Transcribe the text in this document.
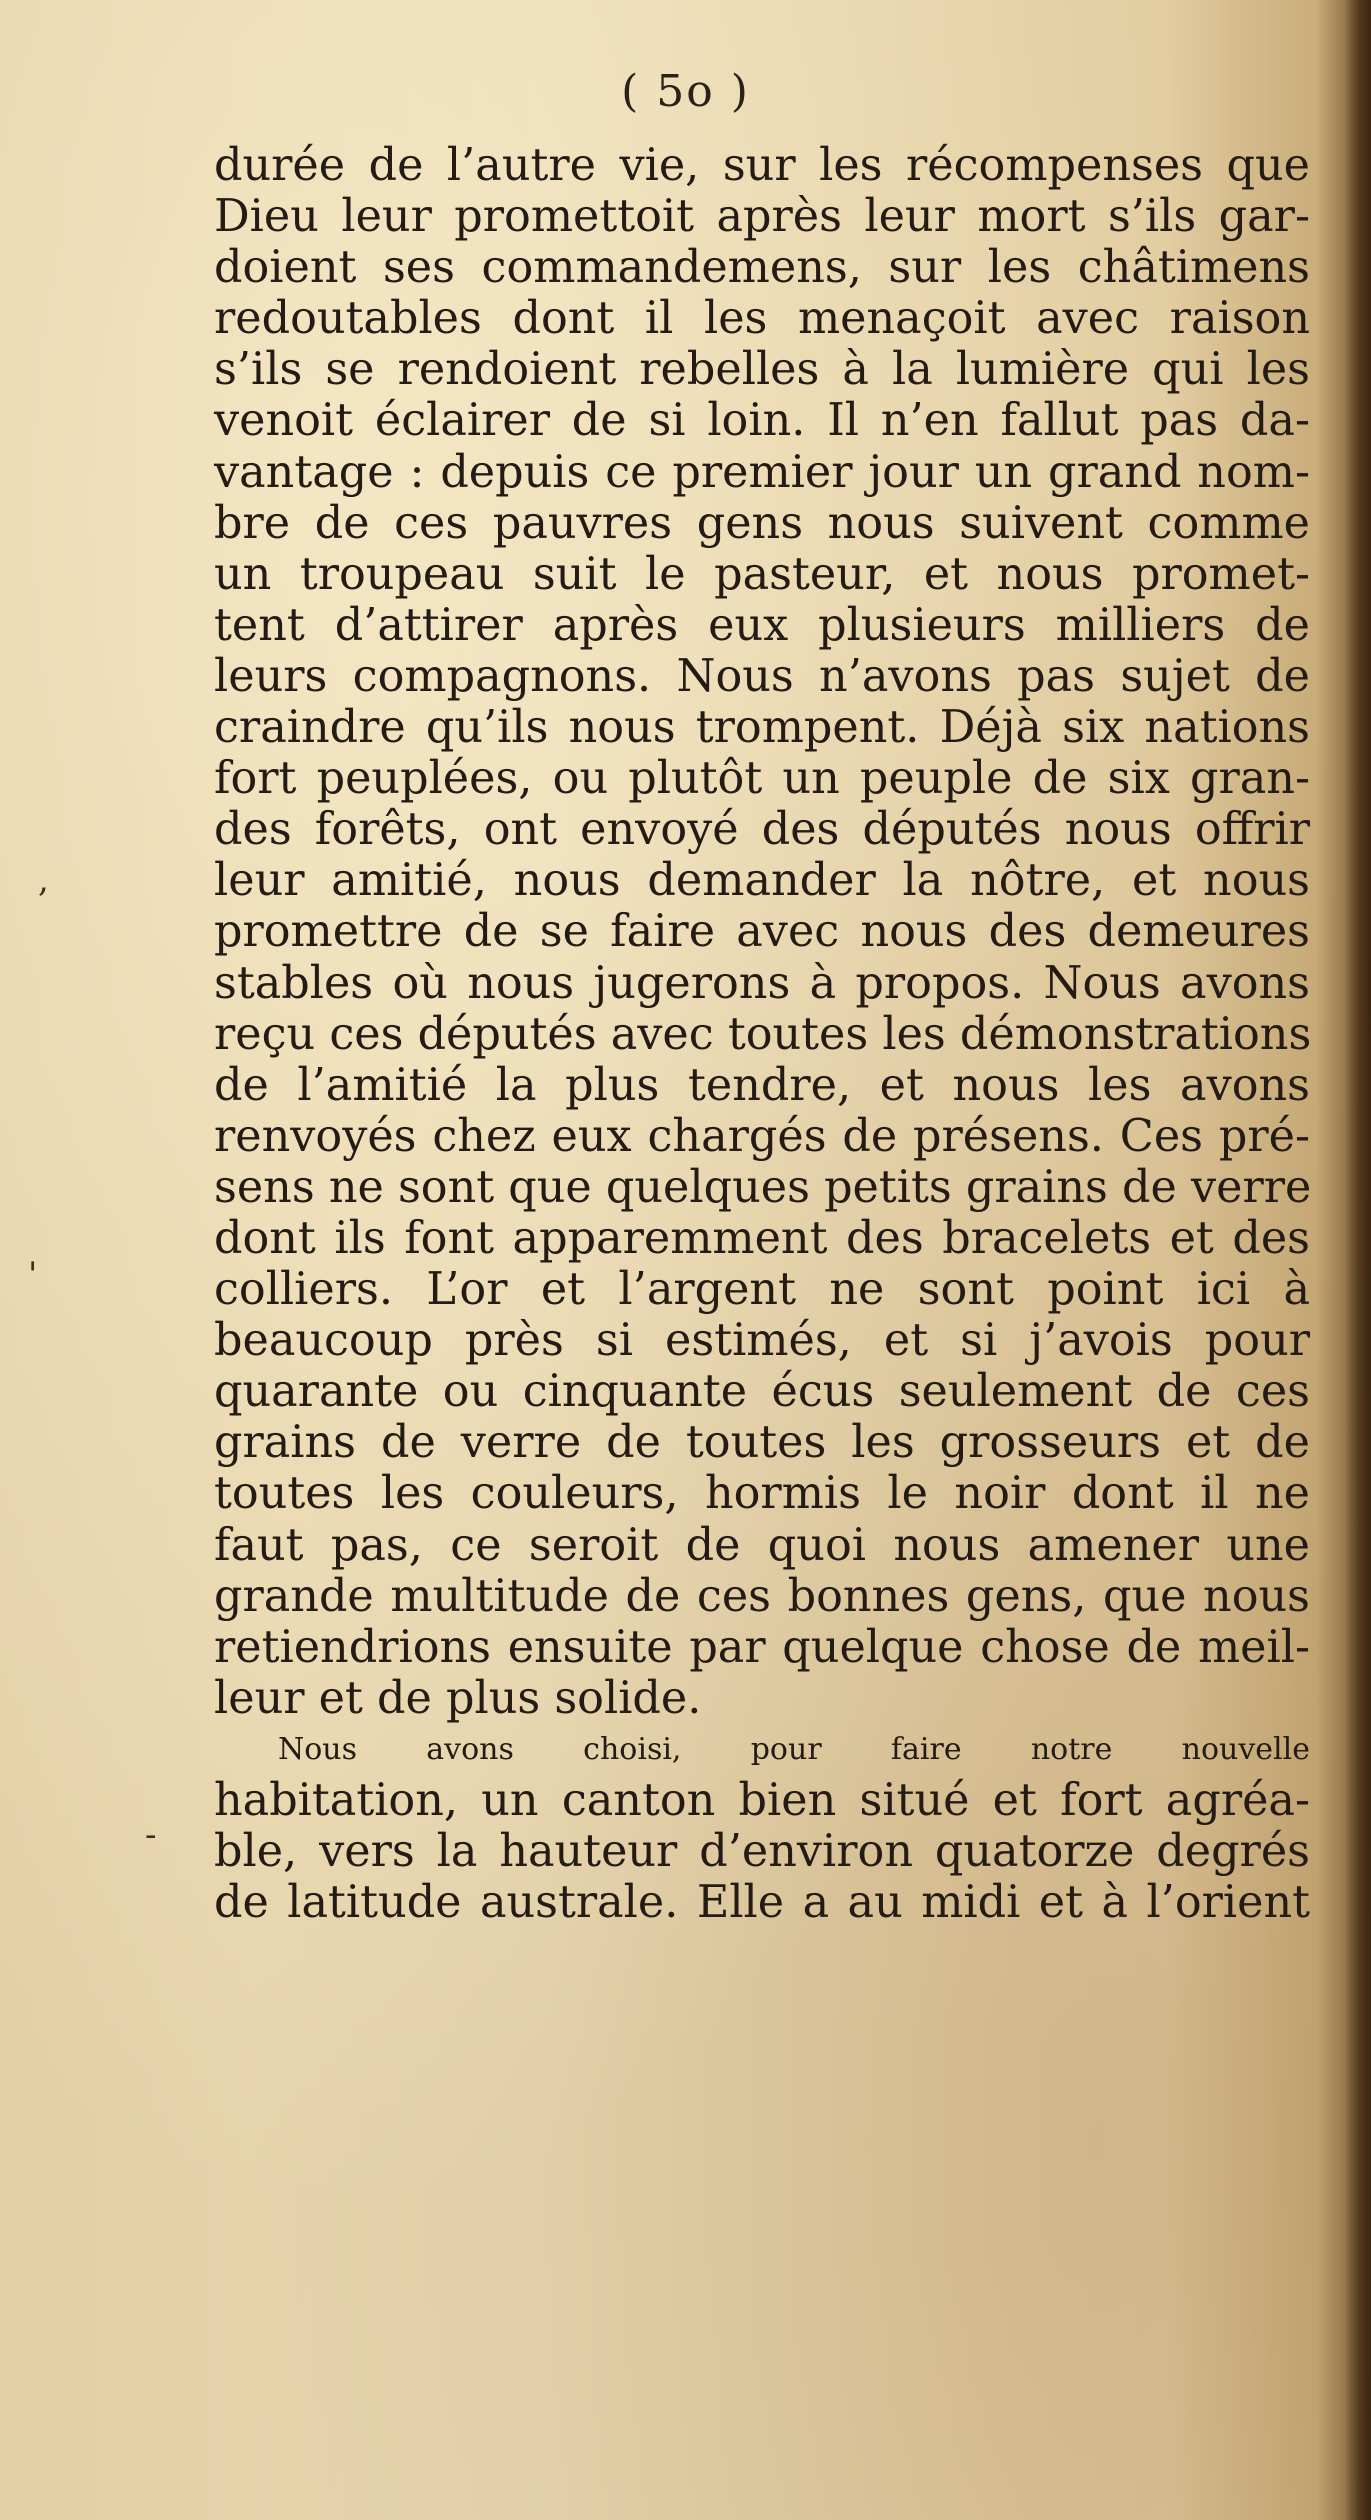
( 5o )
durée de l’autre vie, sur les récompenses que
Dieu leur promettoit après leur mort s’ils gar-
doient ses commandemens, sur les châtimens
redoutables dont il les menaçoit avec raison
s’ils se rendoient rebelles à la lumière qui les
venoit éclairer de si loin. Il n’en fallut pas da-
vantage : depuis ce premier jour un grand nom-
bre de ces pauvres gens nous suivent comme
un troupeau suit le pasteur, et nous promet-
tent d’attirer après eux plusieurs milliers de
leurs compagnons. Nous n’avons pas sujet de
craindre qu’ils nous trompent. Déjà six nations
fort peuplées, ou plutôt un peuple de six gran-
des forêts, ont envoyé des députés nous offrir
leur amitié, nous demander la nôtre, et nous
promettre de se faire avec nous des demeures
stables où nous jugerons à propos. Nous avons
reçu ces députés avec toutes les démonstrations
de l’amitié la plus tendre, et nous les avons
renvoyés chez eux chargés de présens. Ces pré-
sens ne sont que quelques petits grains de verre
dont ils font apparemment des bracelets et des
colliers. L’or et l’argent ne sont point ici à
beaucoup près si estimés, et si j’avois pour
quarante ou cinquante écus seulement de ces
grains de verre de toutes les grosseurs et de
toutes les couleurs, hormis le noir dont il ne
faut pas, ce seroit de quoi nous amener une
grande multitude de ces bonnes gens, que nous
retiendrions ensuite par quelque chose de meil-
leur et de plus solide.
Nous avons choisi, pour faire notre nouvelle
habitation, un canton bien situé et fort agréa-
ble, vers la hauteur d’environ quatorze degrés
de latitude australe. Elle a au midi et à l’orient
,
'
-
